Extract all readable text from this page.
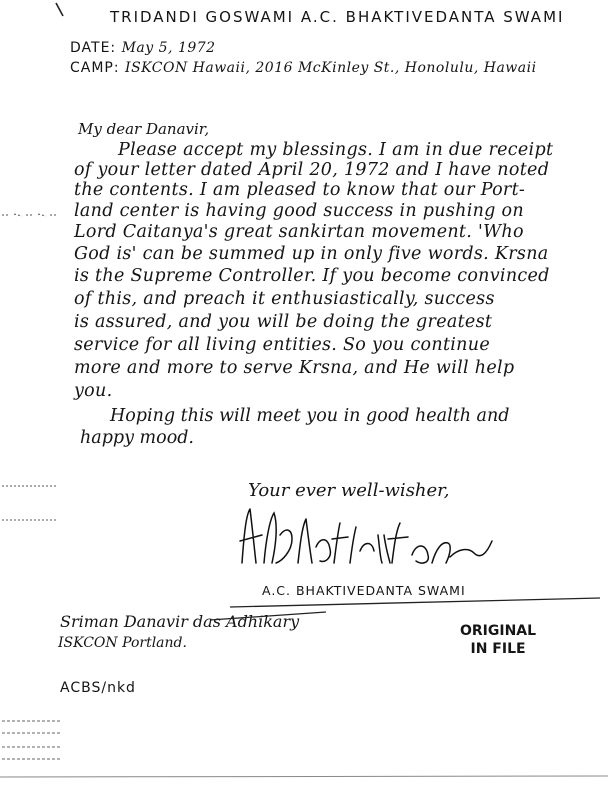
TRIDANDI GOSWAMI A.C. BHAKTIVEDANTA SWAMI
DATE: May 5, 1972
CAMP: ISKCON Hawaii, 2016 McKinley St., Honolulu, Hawaii
My dear Danavir,
Please accept my blessings. I am in due receipt
of your letter dated April 20, 1972 and I have noted
the contents. I am pleased to know that our Port-
land center is having good success in pushing on
Lord Caitanya's great sankirtan movement. 'Who
God is' can be summed up in only five words. Krsna
is the Supreme Controller. If you become convinced
of this, and preach it enthusiastically, success
is assured, and you will be doing the greatest
service for all living entities. So you continue
more and more to serve Krsna, and He will help
you.
Hoping this will meet you in good health and
happy mood.
Your ever well-wisher,
A.C. BHAKTIVEDANTA SWAMI
Sriman Danavir das Adhikary
ISKCON Portland.
ORIGINAL
IN FILE
ACBS/nkd
